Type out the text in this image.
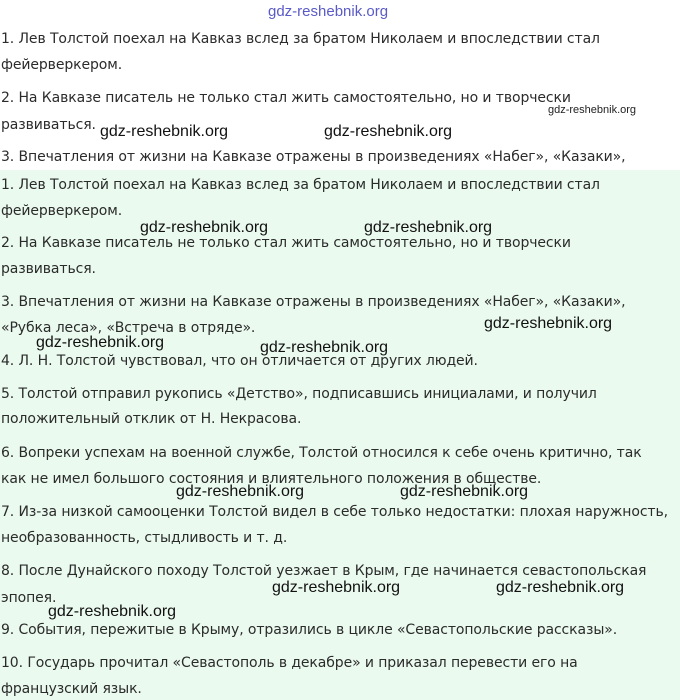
gdz-reshebnik.org
1. Лев Толстой поехал на Кавказ вслед за братом Николаем и впоследствии стал
фейерверкером.
2. На Кавказе писатель не только стал жить самостоятельно, но и творчески
развиваться.
3. Впечатления от жизни на Кавказе отражены в произведениях «Набег», «Казаки»,
1. Лев Толстой поехал на Кавказ вслед за братом Николаем и впоследствии стал
фейерверкером.
2. На Кавказе писатель не только стал жить самостоятельно, но и творчески
развиваться.
3. Впечатления от жизни на Кавказе отражены в произведениях «Набег», «Казаки»,
«Рубка леса», «Встреча в отряде».
4. Л. Н. Толстой чувствовал, что он отличается от других людей.
5. Толстой отправил рукопись «Детство», подписавшись инициалами, и получил
положительный отклик от Н. Некрасова.
6. Вопреки успехам на военной службе, Толстой относился к себе очень критично, так
как не имел большого состояния и влиятельного положения в обществе.
7. Из-за низкой самооценки Толстой видел в себе только недостатки: плохая наружность,
необразованность, стыдливость и т. д.
8. После Дунайского походу Толстой уезжает в Крым, где начинается севастопольская
эпопея.
9. События, пережитые в Крыму, отразились в цикле «Севастопольские рассказы».
10. Государь прочитал «Севастополь в декабре» и приказал перевести его на
французский язык.
gdz-reshebnik.org
gdz-reshebnik.org	gdz-reshebnik.org
gdz-reshebnik.org	gdz-reshebnik.org
gdz-reshebnik.org
gdz-reshebnik.org	gdz-reshebnik.org
gdz-reshebnik.org	gdz-reshebnik.org
gdz-reshebnik.org	gdz-reshebnik.org
gdz-reshebnik.org
